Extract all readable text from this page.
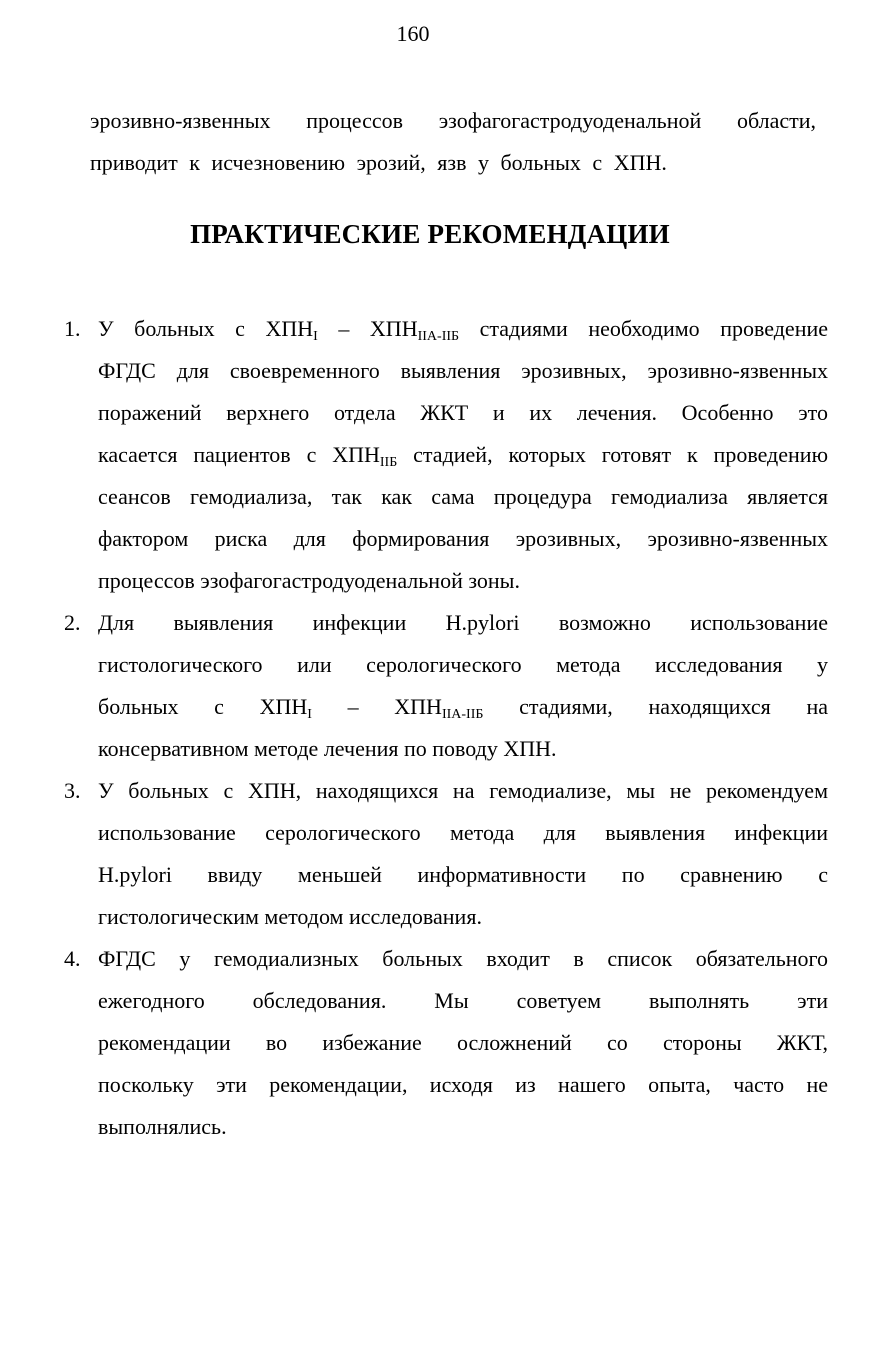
160
эрозивно-язвенных процессов эзофагогастродуоденальной области,
приводит к исчезновению эрозий, язв у больных с ХПН.
ПРАКТИЧЕСКИЕ РЕКОМЕНДАЦИИ
1. У больных с $ХПН_I - ХПН_{IIA-IIБ}$ стадиями необходимо проведение
ФГДС для своевременного выявления эрозивных, эрозивно-язвенных
поражений верхнего отдела ЖКТ и их лечения. Особенно это
касается пациентов с $ХПН_{IIБ}$ стадией, которых готовят к проведению
сеансов гемодиализа, так как сама процедура гемодиализа является
фактором риска для формирования эрозивных, эрозивно-язвенных
процессов эзофагогастродуоденальной зоны.
2. Для выявления инфекции H.pylori возможно использование
гистологического или серологического метода исследования у
больных с $ХПН_I - ХПН_{IIA-IIБ}$ стадиями, находящихся на
консервативном методе лечения по поводу ХПН.
3. У больных с ХПН, находящихся на гемодиализе, мы не рекомендуем
использование серологического метода для выявления инфекции
H.pylori ввиду меньшей информативности по сравнению с
гистологическим методом исследования.
4. ФГДС у гемодиализных больных входит в список обязательного
ежегодного обследования. Мы советуем выполнять эти
рекомендации во избежание осложнений со стороны ЖКТ,
поскольку эти рекомендации, исходя из нашего опыта, часто не
выполнялись.
